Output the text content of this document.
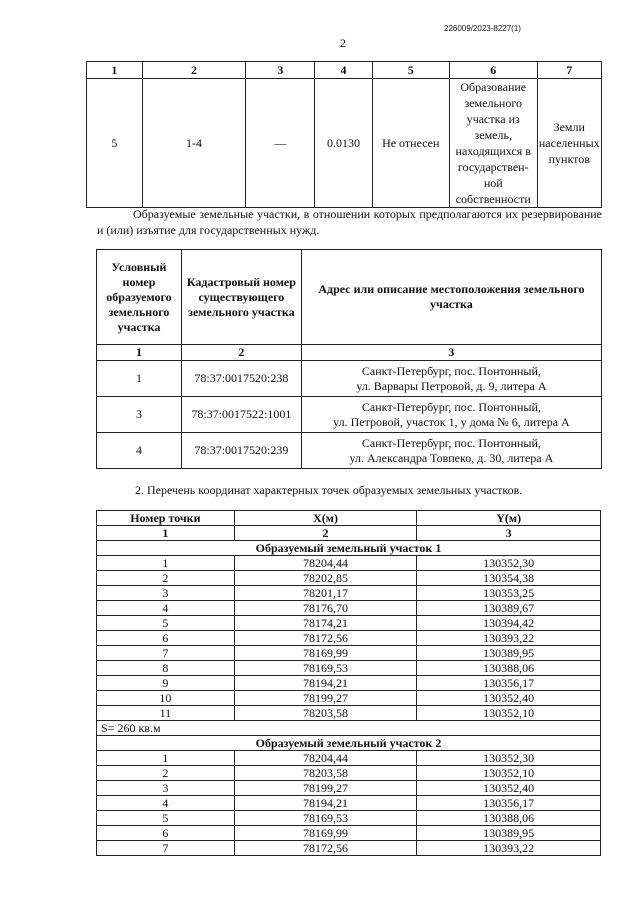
226009/2023-8227(1)
2
1	2	3	4	5	6	7
5	1-4	—	0.0130	Не отнесен	Образование земельного участка из земель, находящихся в государствен-ной собственности	Земли населенных пунктов
Образуемые земельные участки, в отношении которых предполагаются их резервирование и (или) изъятие для государственных нужд.
Условный номер образуемого земельного участка	Кадастровый номер существующего земельного участка	Адрес или описание местоположения земельного участка
1	2	3
1	78:37:0017520:238	Санкт-Петербург, пос. Понтонный,
ул. Варвары Петровой, д. 9, литера А

3	78:37:0017522:1001	Санкт-Петербург, пос. Понтонный,
ул. Петровой, участок 1, у дома № 6, литера А

4	78:37:0017520:239	Санкт-Петербург, пос. Понтонный,
ул. Александра Товпеко, д. 30, литера А
2. Перечень координат характерных точек образуемых земельных участков.
Номер точки	X(м)	Y(м)
1	2	3
Образуемый земельный участок 1		
1	78204,44	130352,30
2	78202,85	130354,38
3	78201,17	130353,25
4	78176,70	130389,67
5	78174,21	130394,42
6	78172,56	130393,22
7	78169,99	130389,95
8	78169,53	130388,06
9	78194,21	130356,17
10	78199,27	130352,40
11	78203,58	130352,10
S= 260 кв.м		
Образуемый земельный участок 2		
1	78204,44	130352,30
2	78203,58	130352,10
3	78199,27	130352,40
4	78194,21	130356,17
5	78169,53	130388,06
6	78169,99	130389,95
7	78172,56	130393,22
